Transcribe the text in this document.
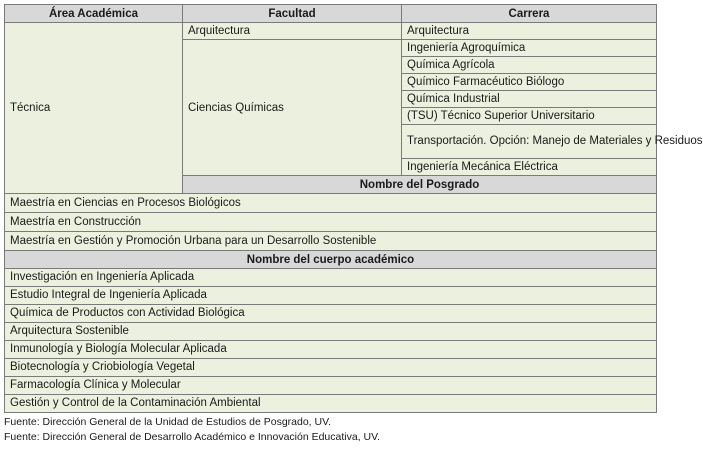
Área Académica	Facultad	Carrera	
Técnica	Arquitectura	Arquitectura	
	Ciencias Químicas	Ingeniería Agroquímica	
		Química Agrícola	
		Químico Farmacéutico Biólogo	
		Química Industrial	
		(TSU) Técnico Superior Universitario	
		Transportación. Opción: Manejo de Materiales y Residuos	
		Ingeniería Mecánica Eléctrica	
	Nombre del Posgrado		
Maestría en Ciencias en Procesos Biológicos			
Maestría en Construcción			
Maestría en Gestión y Promoción Urbana para un Desarrollo Sostenible			
Nombre del cuerpo académico			
Investigación en Ingeniería Aplicada			
Estudio Integral de Ingeniería Aplicada			
Química de Productos con Actividad Biológica			
Arquitectura Sostenible			
Inmunología y Biología Molecular Aplicada			
Biotecnología y Criobiología Vegetal			
Farmacología Clínica y Molecular			
Gestión y Control de la Contaminación Ambiental			
Fuente: Dirección General de la Unidad de Estudios de Posgrado, UV.
Fuente: Dirección General de Desarrollo Académico e Innovación Educativa, UV.
